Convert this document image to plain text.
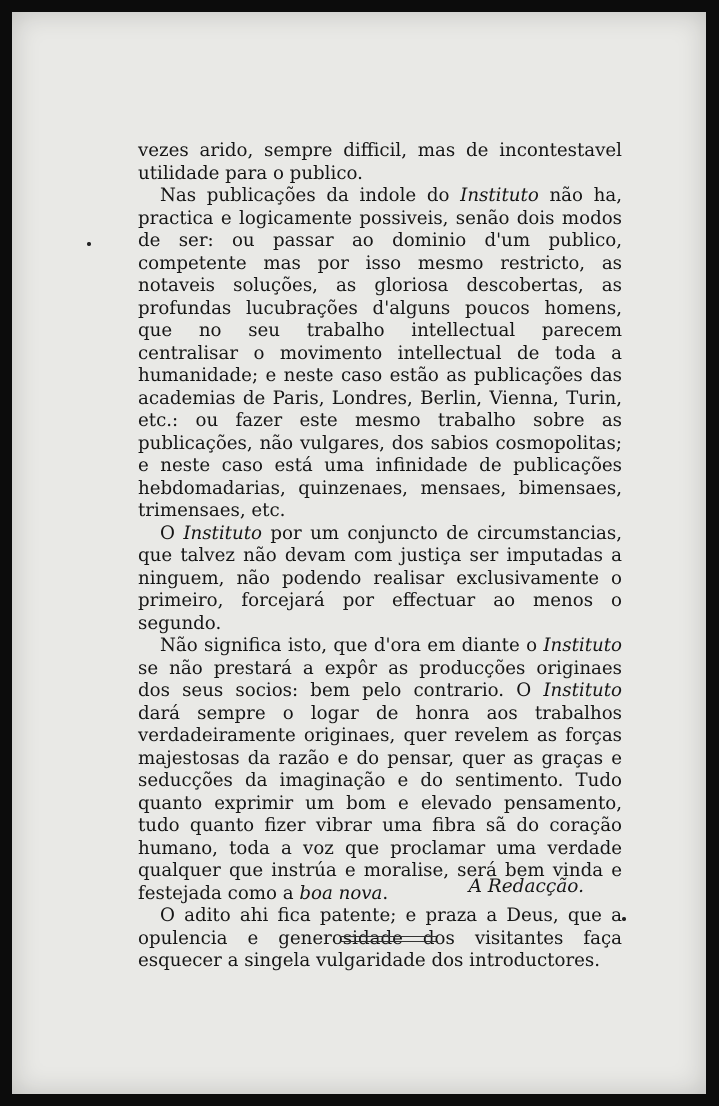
vezes arido, sempre difficil, mas de incontestavel utilidade para o publico.

Nas publicações da indole do Instituto não ha, practica e logicamente possiveis, senão dois modos de ser: ou passar ao dominio d'um publico, competente mas por isso mesmo restricto, as notaveis soluções, as gloriosa descobertas, as profundas lucubrações d'alguns poucos homens, que no seu trabalho intellectual parecem centralisar o movimento intellectual de toda a humanidade; e neste caso estão as publicações das academias de Paris, Londres, Berlin, Vienna, Turin, etc.: ou fazer este mesmo trabalho sobre as publicações, não vulgares, dos sabios cosmopolitas; e neste caso está uma infinidade de publicações hebdomadarias, quinzenaes, mensaes, bimensaes, trimensaes, etc.

O Instituto por um conjuncto de circumstancias, que talvez não devam com justiça ser imputadas a ninguem, não podendo realisar exclusivamente o primeiro, forcejará por effectuar ao menos o segundo.

Não significa isto, que d'ora em diante o Instituto se não prestará a expôr as producções originaes dos seus socios: bem pelo contrario. O Instituto dará sempre o logar de honra aos trabalhos verdadeiramente originaes, quer revelem as forças majestosas da razão e do pensar, quer as graças e seducções da imaginação e do sentimento. Tudo quanto exprimir um bom e elevado pensamento, tudo quanto fizer vibrar uma fibra sã do coração humano, toda a voz que proclamar uma verdade qualquer que instrúa e moralise, será bem vinda e festejada como a boa nova.

O adito ahi fica patente; e praza a Deus, que a opulencia e generosidade dos visitantes faça esquecer a singela vulgaridade dos introductores.

A Redacção.
